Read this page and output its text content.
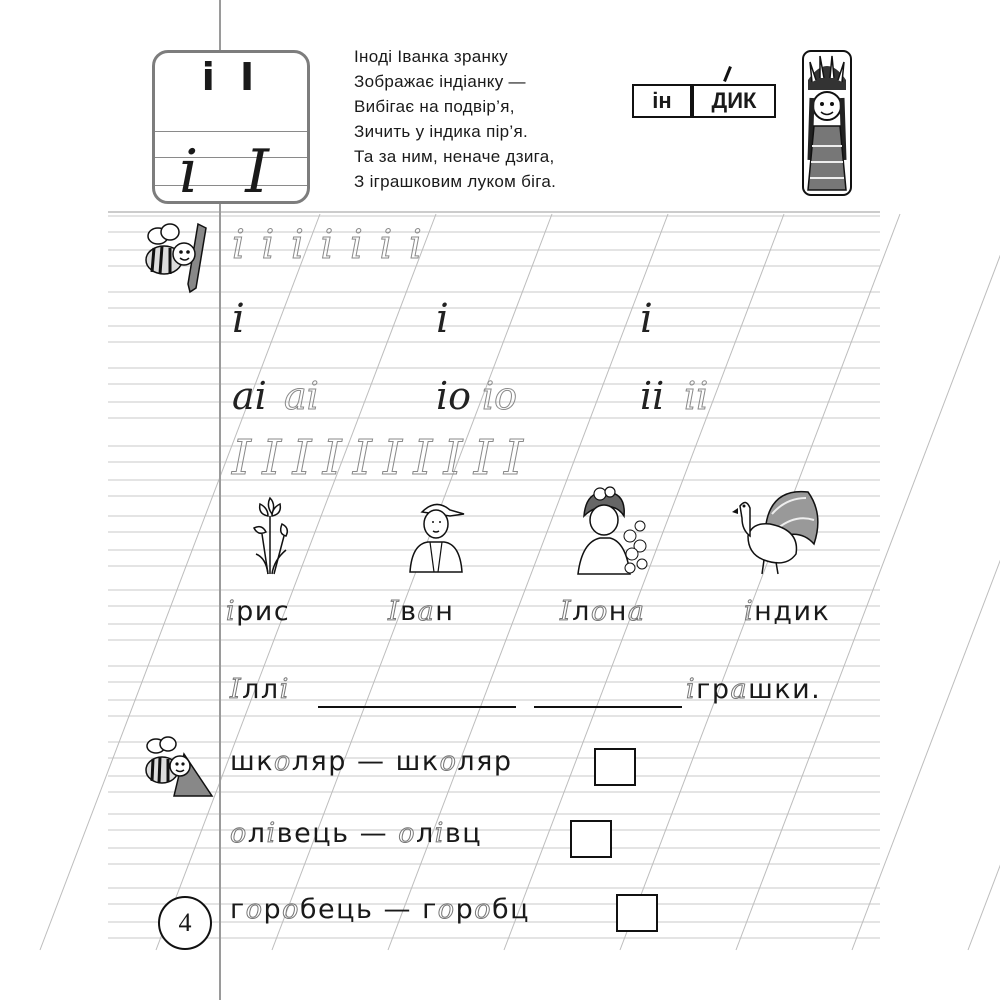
і І
і І
Іноді Іванка зранку
Зображає індіанку —
Вибігає на подвір’я,
Зичить у індика пір’я.
Та за ним, неначе дзига,
З іграшковим луком біга.
ін	ДИК
і і і і і і і
і	і	і
аі аі	іо іо	іі іі
І І І І І І І І І І
ірис	Іван	Ілона	індик
Іллі	іграшки.
школяр — школяр
олівець — олівц
горобець — горобц
4
